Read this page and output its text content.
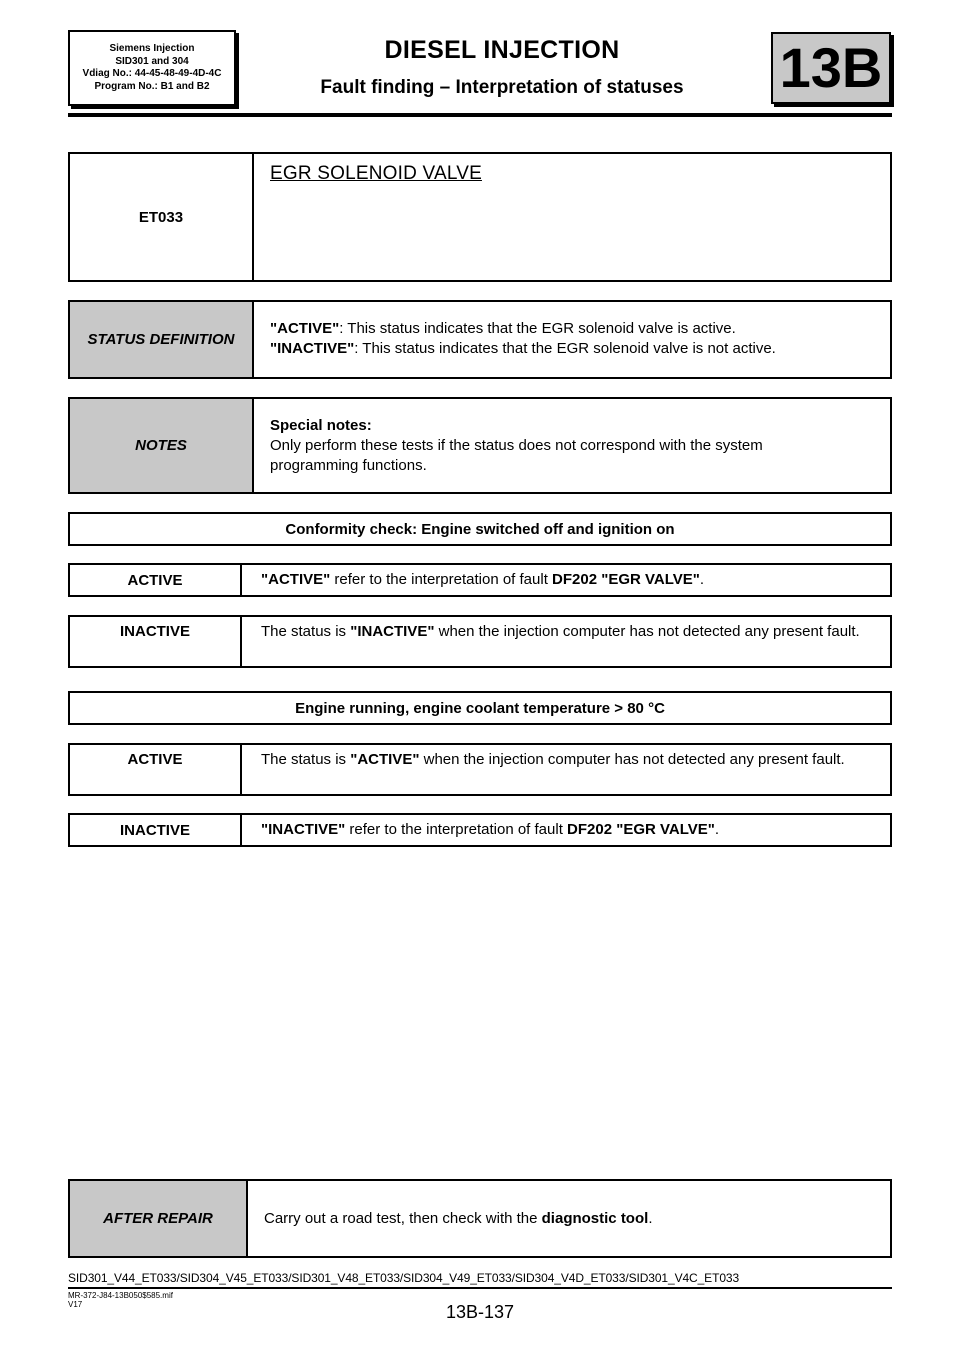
Siemens Injection
SID301 and 304
Vdiag No.: 44-45-48-49-4D-4C
Program No.: B1 and B2
DIESEL INJECTION
Fault finding – Interpretation of statuses	13B
ET033
EGR SOLENOID VALVE
STATUS DEFINITION
"ACTIVE": This status indicates that the EGR solenoid valve is active.
"INACTIVE": This status indicates that the EGR solenoid valve is not active.
NOTES
Special notes:
Only perform these tests if the status does not correspond with the system programming functions.
Conformity check: Engine switched off and ignition on
ACTIVE	"ACTIVE" refer to the interpretation of fault DF202 "EGR VALVE".
INACTIVE	The status is "INACTIVE" when the injection computer has not detected any present fault.
Engine running, engine coolant temperature > 80 °C
ACTIVE	The status is "ACTIVE" when the injection computer has not detected any present fault.
INACTIVE	"INACTIVE" refer to the interpretation of fault DF202 "EGR VALVE".
AFTER REPAIR	Carry out a road test, then check with the diagnostic tool.
SID301_V44_ET033/SID304_V45_ET033/SID301_V48_ET033/SID304_V49_ET033/SID304_V4D_ET033/SID301_V4C_ET033
MR-372-J84-13B050$585.mif
V17	13B-137
